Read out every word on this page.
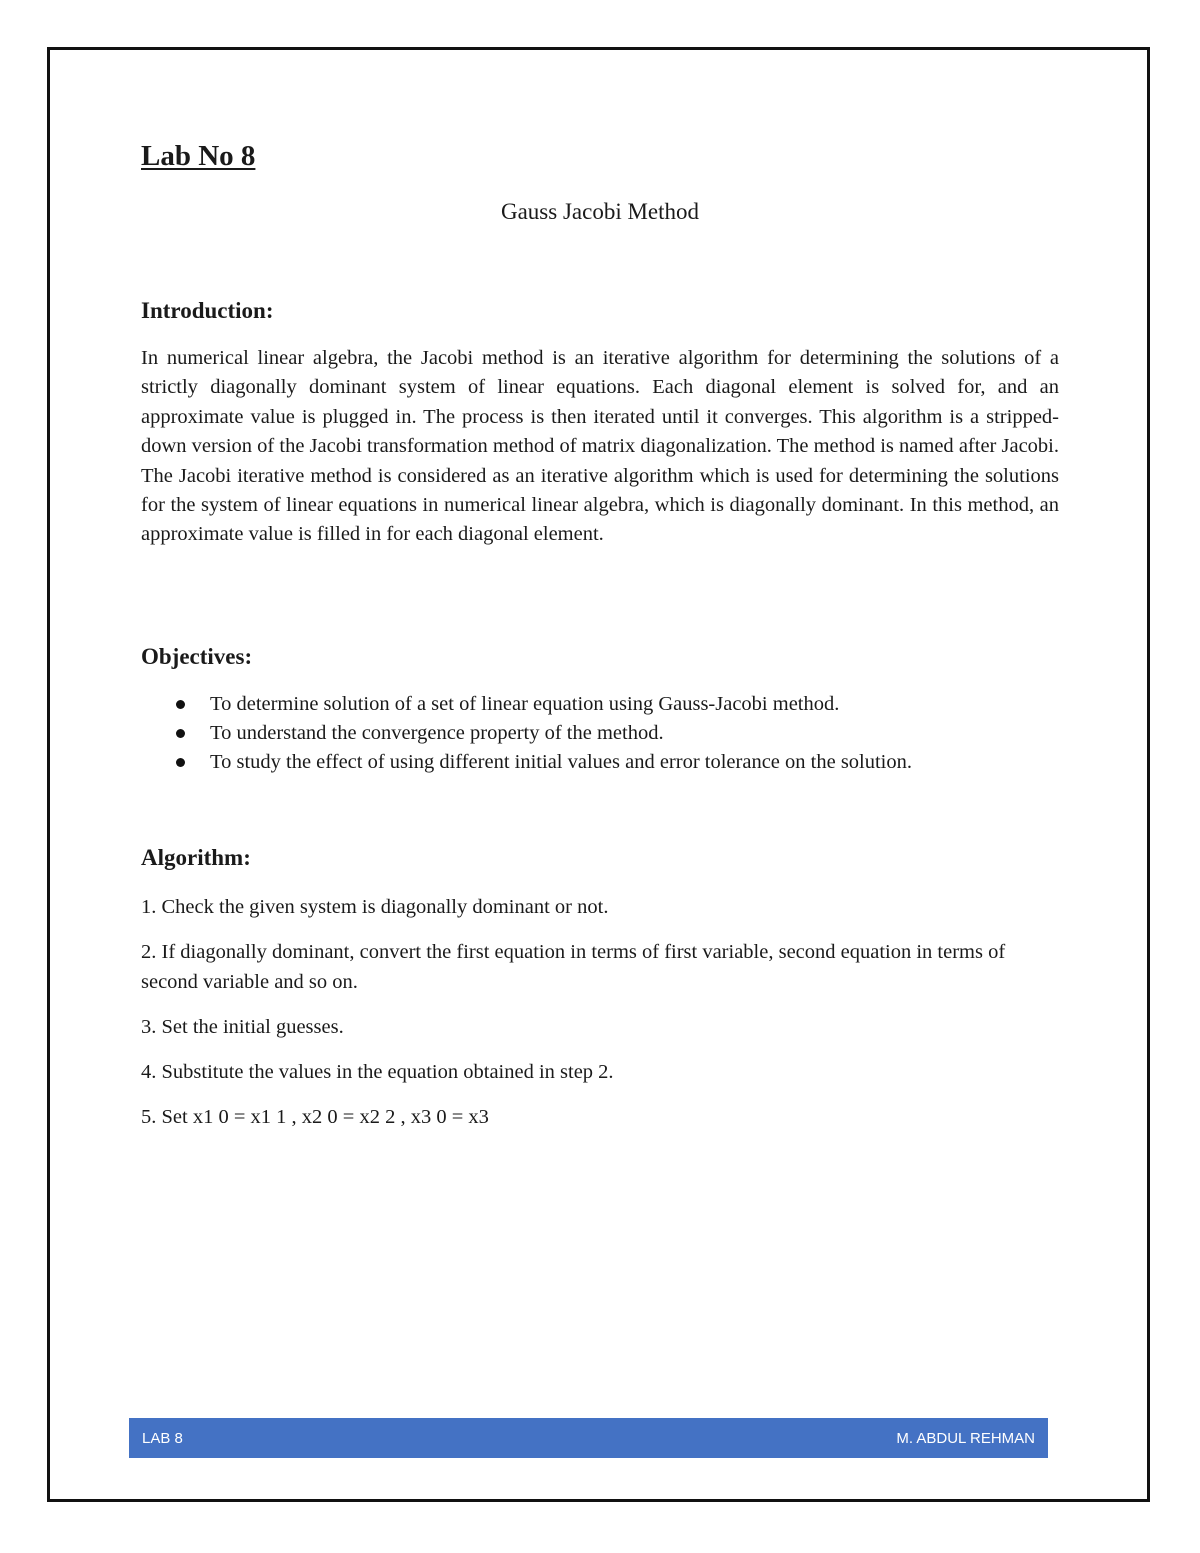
Lab No 8
Gauss Jacobi Method
Introduction:

In numerical linear algebra, the Jacobi method is an iterative algorithm for determining the solutions of a strictly diagonally dominant system of linear equations. Each diagonal element is solved for, and an approximate value is plugged in. The process is then iterated until it converges. This algorithm is a stripped-down version of the Jacobi transformation method of matrix diagonalization. The method is named after Jacobi. The Jacobi iterative method is considered as an iterative algorithm which is used for determining the solutions for the system of linear equations in numerical linear algebra, which is diagonally dominant. In this method, an approximate value is filled in for each diagonal element.

Objectives:
To determine solution of a set of linear equation using Gauss-Jacobi method.
To understand the convergence property of the method.
To study the effect of using different initial values and error tolerance on the solution.
Algorithm:
1. Check the given system is diagonally dominant or not.
2. If diagonally dominant, convert the first equation in terms of first variable, second equation in terms of second variable and so on.
3. Set the initial guesses.
4. Substitute the values in the equation obtained in step 2.
5. Set x1 0 = x1 1 , x2 0 = x2 2 , x3 0 = x3
LAB 8	M. ABDUL REHMAN
